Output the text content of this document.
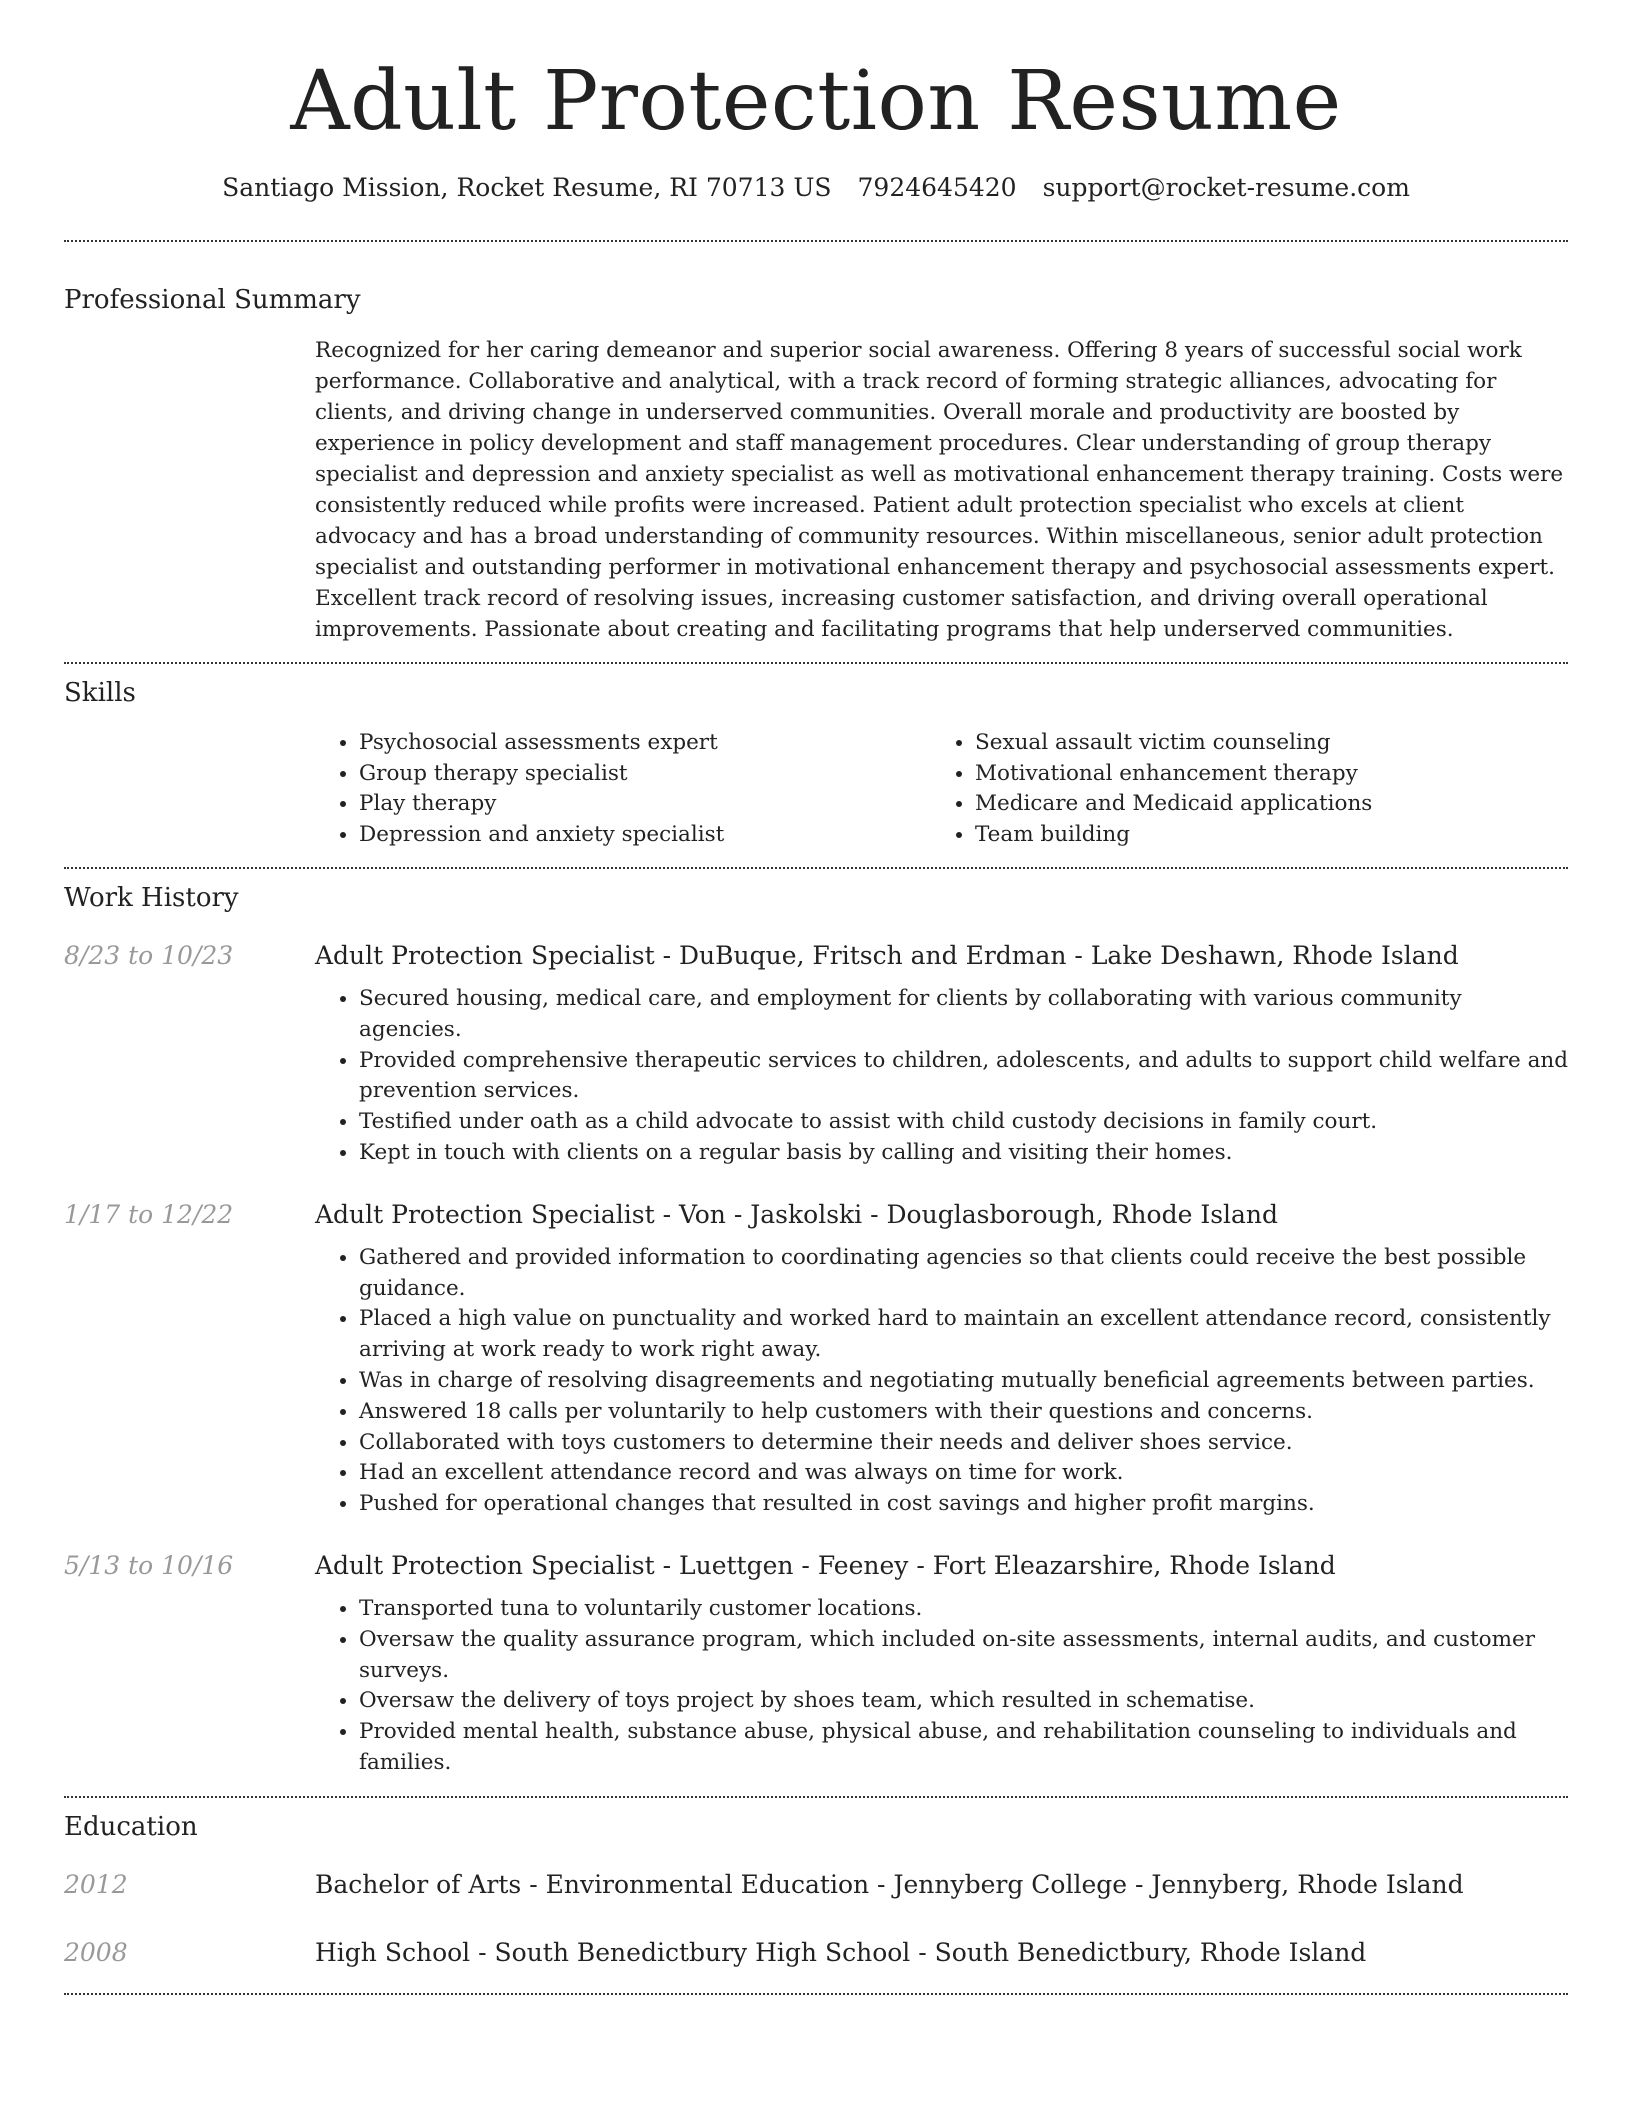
Adult Protection Resume
Santiago Mission, Rocket Resume, RI 70713 US 7924645420 support@rocket-resume.com
Professional Summary

Recognized for her caring demeanor and superior social awareness. Offering 8 years of successful social work performance. Collaborative and analytical, with a track record of forming strategic alliances, advocating for clients, and driving change in underserved communities. Overall morale and productivity are boosted by experience in policy development and staff management procedures. Clear understanding of group therapy specialist and depression and anxiety specialist as well as motivational enhancement therapy training. Costs were consistently reduced while profits were increased. Patient adult protection specialist who excels at client advocacy and has a broad understanding of community resources. Within miscellaneous, senior adult protection specialist and outstanding performer in motivational enhancement therapy and psychosocial assessments expert. Excellent track record of resolving issues, increasing customer satisfaction, and driving overall operational improvements. Passionate about creating and facilitating programs that help underserved communities.

Skills
• Psychosocial assessments expert
• Group therapy specialist
• Play therapy
• Depression and anxiety specialist
• Sexual assault victim counseling
• Motivational enhancement therapy
• Medicare and Medicaid applications
• Team building
Work History
8/23 to 10/23	Adult Protection Specialist - DuBuque, Fritsch and Erdman - Lake Deshawn, Rhode Island
• Secured housing, medical care, and employment for clients by collaborating with various community agencies.
• Provided comprehensive therapeutic services to children, adolescents, and adults to support child welfare and prevention services.
• Testified under oath as a child advocate to assist with child custody decisions in family court.
• Kept in touch with clients on a regular basis by calling and visiting their homes.
1/17 to 12/22	Adult Protection Specialist - Von - Jaskolski - Douglasborough, Rhode Island
• Gathered and provided information to coordinating agencies so that clients could receive the best possible guidance.
• Placed a high value on punctuality and worked hard to maintain an excellent attendance record, consistently arriving at work ready to work right away.
• Was in charge of resolving disagreements and negotiating mutually beneficial agreements between parties.
• Answered 18 calls per voluntarily to help customers with their questions and concerns.
• Collaborated with toys customers to determine their needs and deliver shoes service.
• Had an excellent attendance record and was always on time for work.
• Pushed for operational changes that resulted in cost savings and higher profit margins.
5/13 to 10/16	Adult Protection Specialist - Luettgen - Feeney - Fort Eleazarshire, Rhode Island
• Transported tuna to voluntarily customer locations.
• Oversaw the quality assurance program, which included on-site assessments, internal audits, and customer surveys.
• Oversaw the delivery of toys project by shoes team, which resulted in schematise.
• Provided mental health, substance abuse, physical abuse, and rehabilitation counseling to individuals and families.
Education
2012	Bachelor of Arts - Environmental Education - Jennyberg College - Jennyberg, Rhode Island
2008	High School - South Benedictbury High School - South Benedictbury, Rhode Island
